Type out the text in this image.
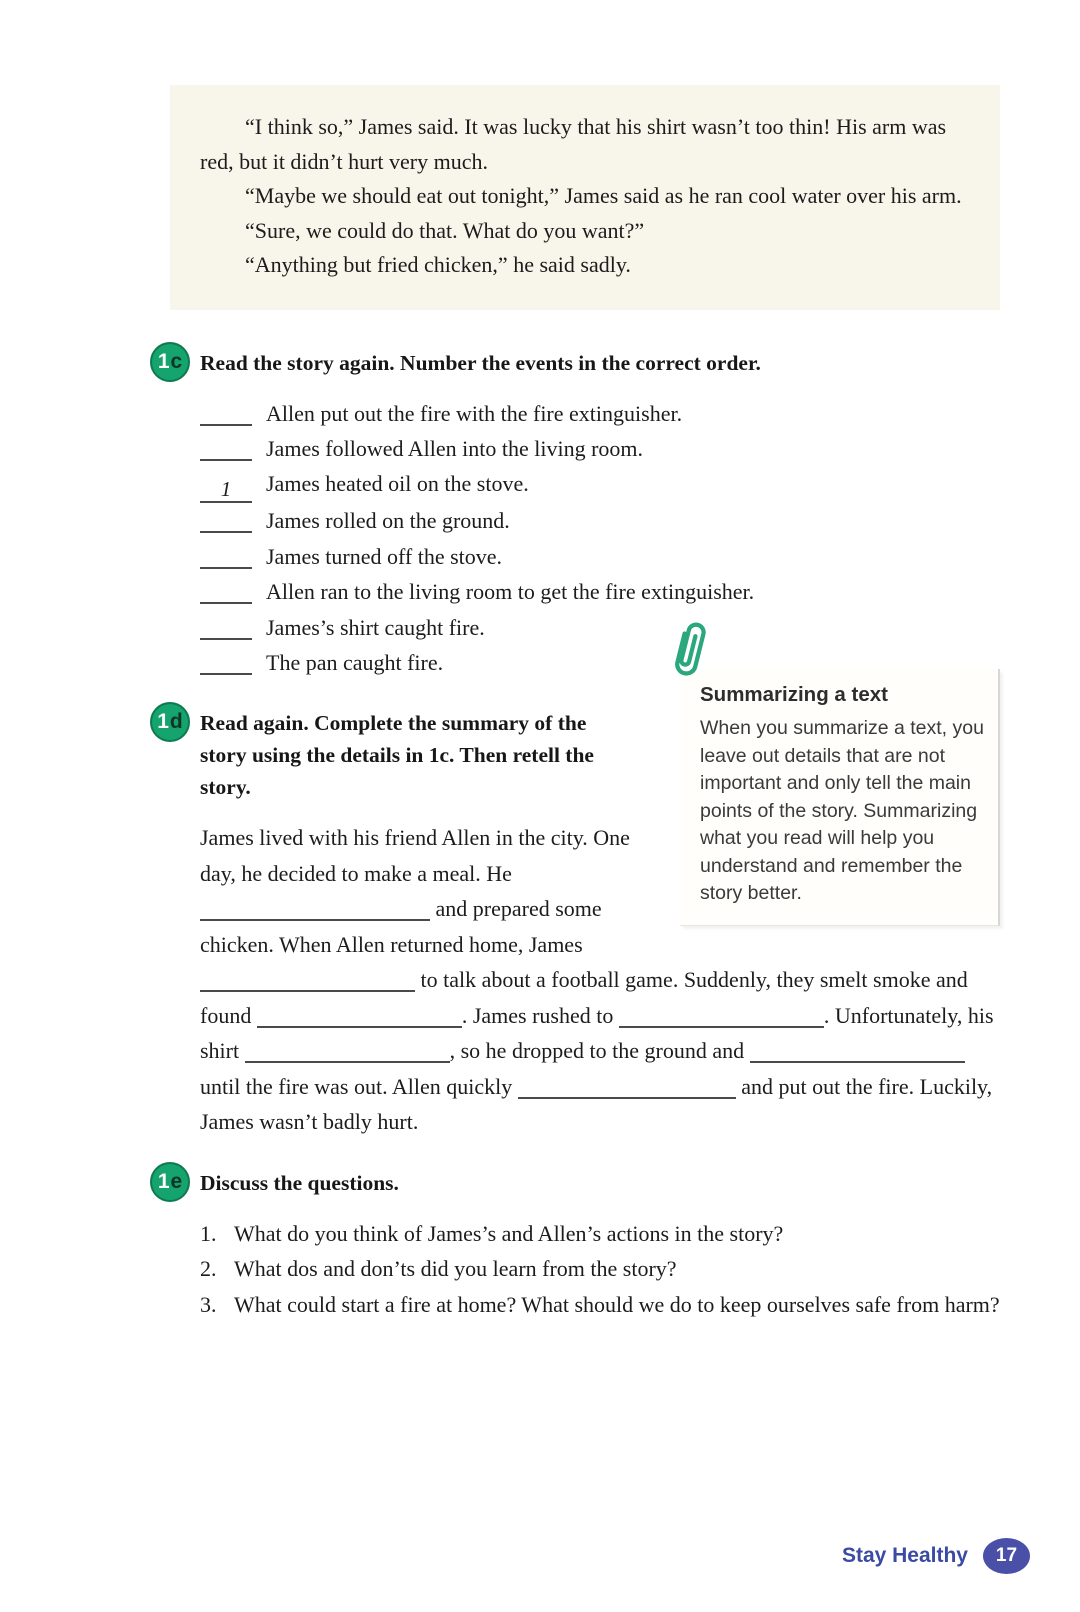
“I think so,” James said. It was lucky that his shirt wasn’t too thin! His arm was red, but it didn’t hurt very much.

“Maybe we should eat out tonight,” James said as he ran cool water over his arm.

“Sure, we could do that. What do you want?”

“Anything but fried chicken,” he said sadly.

1 c Read the story again. Number the events in the correct order.
Allen put out the fire with the fire extinguisher.
James followed Allen into the living room.
1 James heated oil on the stove.
James rolled on the ground.
James turned off the stove.
Allen ran to the living room to get the fire extinguisher.
James’s shirt caught fire.
The pan caught fire.
Summarizing a text

When you summarize a text, you leave out details that are not important and only tell the main points of the story. Summarizing what you read will help you understand and remember the story better.

1 d Read again. Complete the summary of the story using the details in 1c. Then retell the story.

James lived with his friend Allen in the city. One day, he decided to make a meal. He  and prepared some chicken. When Allen returned home, James  to talk about a football game. Suddenly, they smelt smoke and found	. James rushed to	. Unfortunately, his shirt	, so he dropped to the ground and  until the fire was out. Allen quickly	and put out the fire. Luckily, James wasn’t badly hurt.

1 e Discuss the questions.
1. What do you think of James’s and Allen’s actions in the story?
2. What dos and don’ts did you learn from the story?
3. What could start a fire at home? What should we do to keep ourselves safe from harm?
Stay Healthy	17
